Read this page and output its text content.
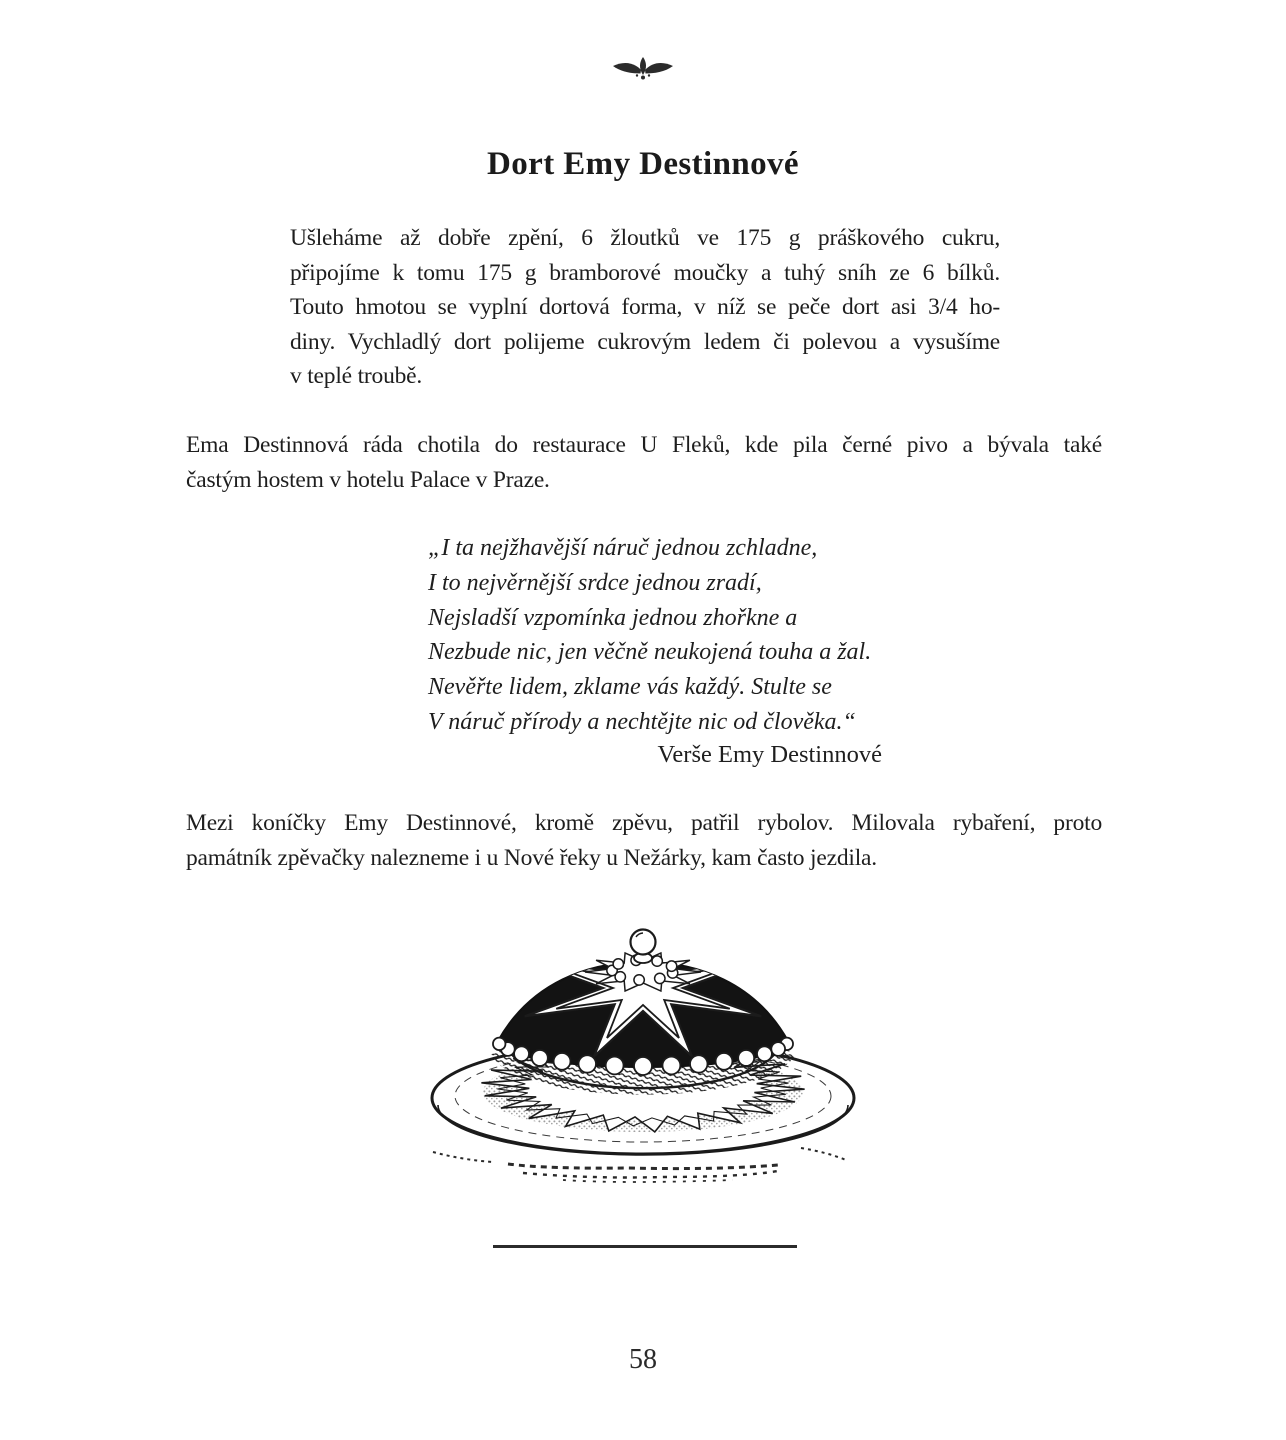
Dort Emy Destinnové
Ušleháme až dobře zpění, 6 žloutků ve 175 g práškového cukru,
připojíme k tomu 175 g bramborové moučky a tuhý sníh ze 6 bílků.
Touto hmotou se vyplní dortová forma, v níž se peče dort asi 3/4 ho-
diny. Vychladlý dort polijeme cukrovým ledem či polevou a vysušíme
v teplé troubě.
Ema Destinnová ráda chotila do restaurace U Fleků, kde pila černé pivo a bývala také
častým hostem v hotelu Palace v Praze.
„I ta nejžhavější náruč jednou zchladne,
I to nejvěrnější srdce jednou zradí,
Nejsladší vzpomínka jednou zhořkne a
Nezbude nic, jen věčně neukojená touha a žal.
Nevěřte lidem, zklame vás každý. Stulte se
V náruč přírody a nechtějte nic od člověka.“
Verše Emy Destinnové
Mezi koníčky Emy Destinnové, kromě zpěvu, patřil rybolov. Milovala rybaření, proto
památník zpěvačky nalezneme i u Nové řeky u Nežárky, kam často jezdila.
58
